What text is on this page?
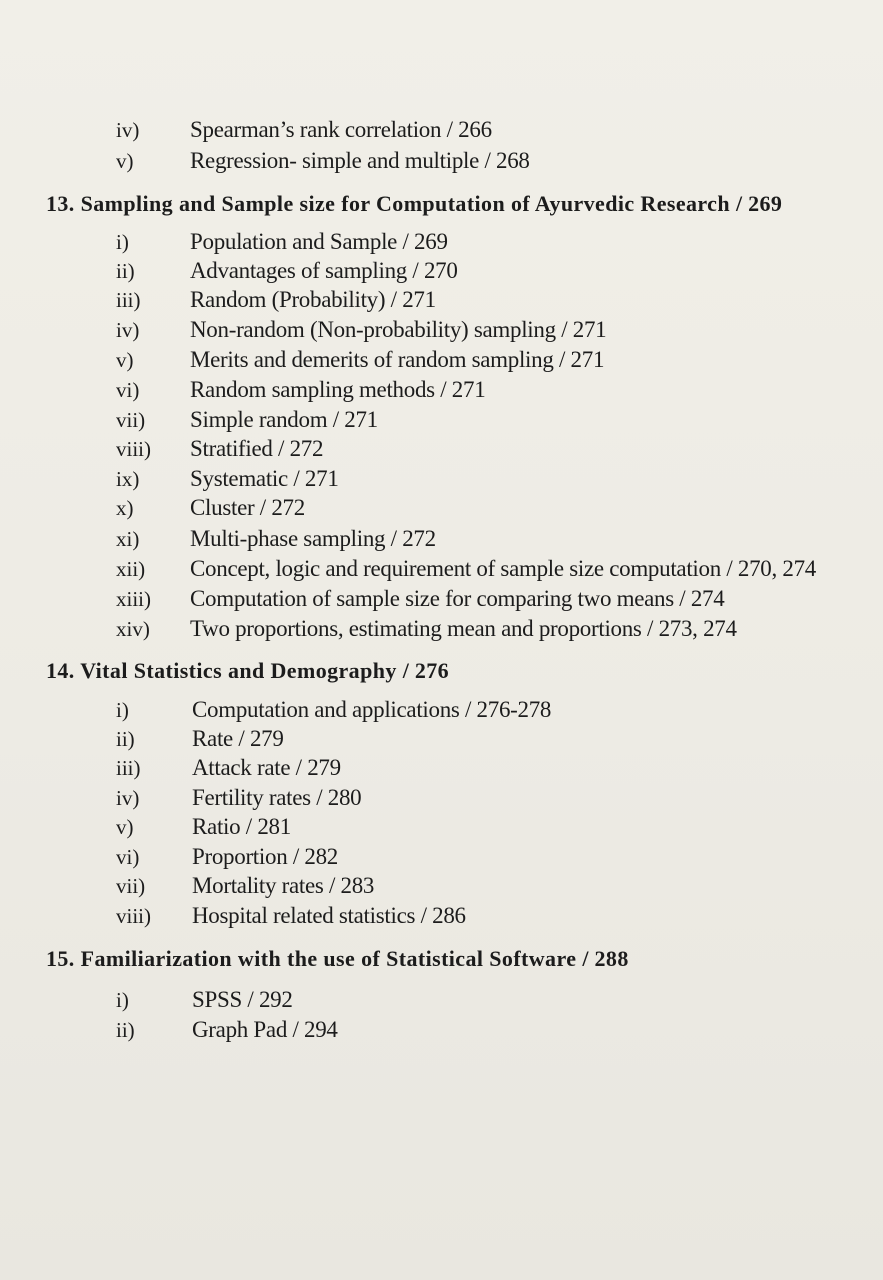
iv) Spearman’s rank correlation / 266
v) Regression- simple and multiple / 268
13. Sampling and Sample size for Computation of Ayurvedic Research / 269
i)	Population and Sample / 269
ii) Advantages of sampling / 270
iii) Random (Probability) / 271
iv) Non-random (Non-probability) sampling / 271
v) Merits and demerits of random sampling / 271
vi) Random sampling methods / 271
vii) Simple random / 271
viii) Stratified / 272
ix) Systematic / 271
x) Cluster / 272
xi) Multi-phase sampling / 272
xii) Concept, logic and requirement of sample size computation / 270, 274
xiii) Computation of sample size for comparing two means / 274
xiv) Two proportions, estimating mean and proportions / 273, 274
14. Vital Statistics and Demography / 276
i)	Computation and applications / 276-278
ii) Rate / 279
iii) Attack rate / 279
iv) Fertility rates / 280
v)	Ratio / 281
vi) Proportion / 282
vii) Mortality rates / 283
viii) Hospital related statistics / 286
15. Familiarization with the use of Statistical Software / 288
i)	SPSS / 292
ii) Graph Pad / 294
